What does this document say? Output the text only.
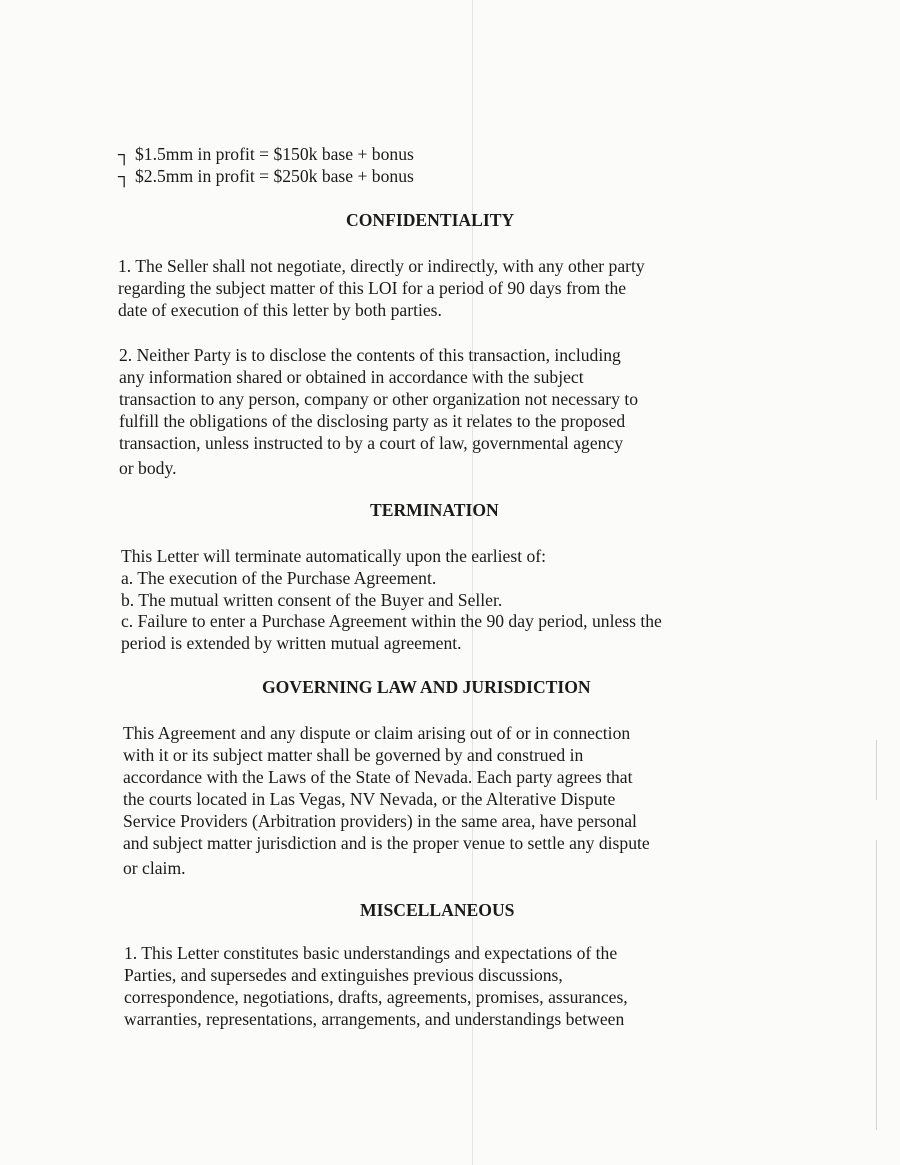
┐ $1.5mm in profit = $150k base + bonus

┐ $2.5mm in profit = $250k base + bonus

CONFIDENTIALITY

1. The Seller shall not negotiate, directly or indirectly, with any other party

regarding the subject matter of this LOI for a period of 90 days from the

date of execution of this letter by both parties.

2. Neither Party is to disclose the contents of this transaction, including

any information shared or obtained in accordance with the subject

transaction to any person, company or other organization not necessary to

fulfill the obligations of the disclosing party as it relates to the proposed

transaction, unless instructed to by a court of law, governmental agency

or body.

TERMINATION

This Letter will terminate automatically upon the earliest of:

a. The execution of the Purchase Agreement.

b. The mutual written consent of the Buyer and Seller.

c. Failure to enter a Purchase Agreement within the 90 day period, unless the

period is extended by written mutual agreement.

GOVERNING LAW AND JURISDICTION

This Agreement and any dispute or claim arising out of or in connection

with it or its subject matter shall be governed by and construed in

accordance with the Laws of the State of Nevada. Each party agrees that

the courts located in Las Vegas, NV Nevada, or the Alterative Dispute

Service Providers (Arbitration providers) in the same area, have personal

and subject matter jurisdiction and is the proper venue to settle any dispute

or claim.

MISCELLANEOUS

1. This Letter constitutes basic understandings and expectations of the

Parties, and supersedes and extinguishes previous discussions,

correspondence, negotiations, drafts, agreements, promises, assurances,

warranties, representations, arrangements, and understandings between
